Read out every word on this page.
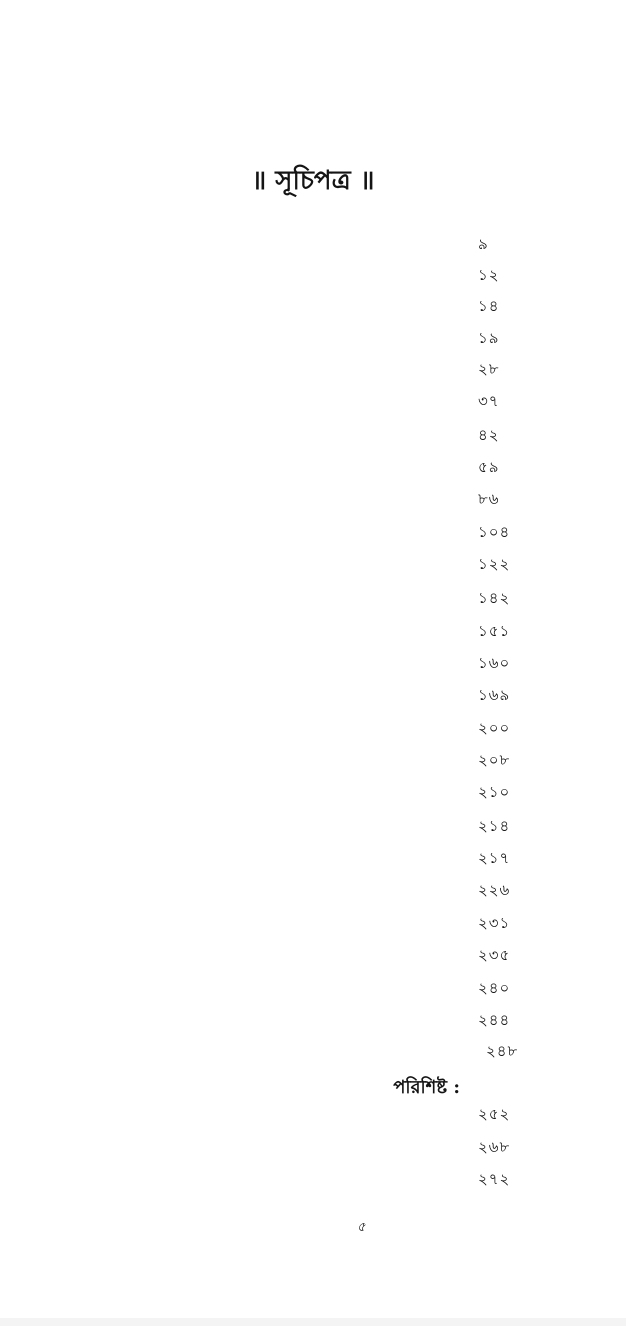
॥ সূচিপত্র ॥
৯
১২
১৪
১৯
২৮
৩৭
৪২
৫৯
৮৬
১০৪
১২২
১৪২
১৫১
১৬০
১৬৯
২০০
২০৮
২১০
২১৪
২১৭
২২৬
২৩১
২৩৫
২৪০
২৪৪
২৪৮
পরিশিষ্ট :
২৫২
২৬৮
২৭২
৫
